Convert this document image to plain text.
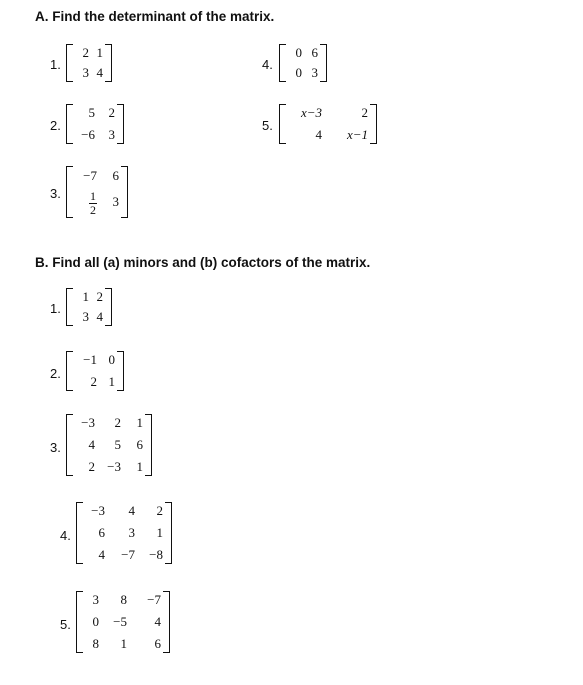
A. Find the determinant of the matrix.
1.
2 1
3 4
2.
5 2
−6 3
3.
−7 6
$\frac{1}{2} 3$
4.
0 6
0 3
5.
x−3	2
4 x−1
B. Find all (a) minors and (b) cofactors of the matrix.
1.
1 2
3 4
2.
−1 0
2 1
3.
−3 2 1
4 5 6
2 −3 1
4.
−3 4 2
6 3 1
4 −7 −8
5.
3 8 −7
0 −5 4
8 1 6
